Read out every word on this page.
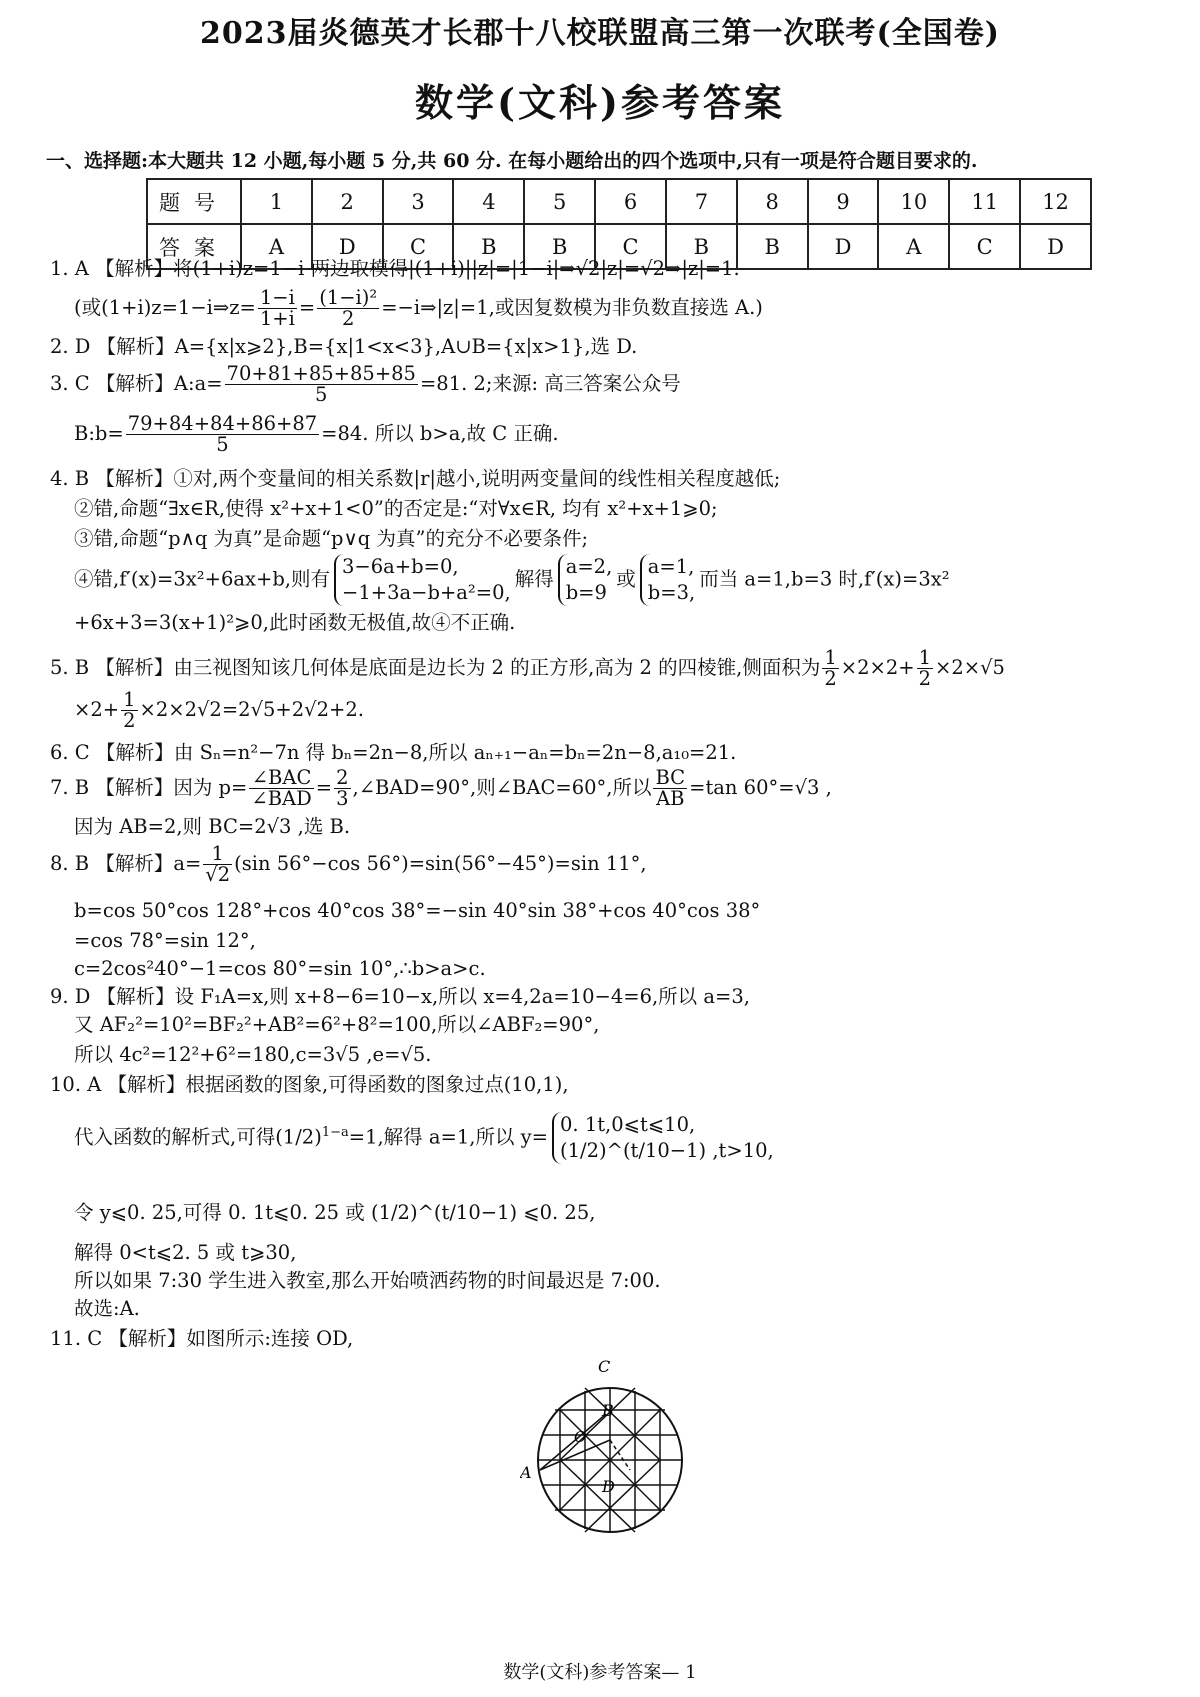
2023届炎德英才长郡十八校联盟高三第一次联考(全国卷)
数学(文科)参考答案
一、选择题:本大题共 12 小题,每小题 5 分,共 60 分. 在每小题给出的四个选项中,只有一项是符合题目要求的.
题号	1	2	3	4	5	6	7	8	9	10	11	12
答案	A	D	C	B	B	C	B	B	D	A	C	D
1. A 【解析】将(1+i)z=1−i 两边取模得|(1+i)||z|=|1−i|⇒√2|z|=√2⇒|z|=1.
(或(1+i)z=1−i⇒z= $\frac{1-i}{1+i} = \frac{\text{(1−i)²}}{2}$ =−i⇒|z|=1,或因复数模为非负数直接选 A.)
2. D 【解析】A={x|x⩾2},B={x|1<x<3},A∪B={x|x>1},选 D.
3. C 【解析】A:a= $\frac{70+81+85+85+85}{5} =81$. 2;来源: 高三答案公众号
B:b= $\frac{79+84+84+86+87}{5} =84$. 所以 b>a,故 C 正确.
4. B 【解析】①对,两个变量间的相关系数|r|越小,说明两变量间的线性相关程度越低;
②错,命题“∃x∈R,使得 x²+x+1<0”的否定是:“对∀x∈R, 均有 x²+x+1⩾0;
③错,命题“p∧q 为真”是命题“p∨q 为真”的充分不必要条件;
④错,f′(x)=3x²+6ax+b,则有
3−6a+b=0,
−1+3a−b+a²=0,
解得
a=2,
b=9
或
a=1,
b=3,
而当 a=1,b=3 时,f′(x)=3x²
+6x+3=3(x+1)²⩾0,此时函数无极值,故④不正确.
5. B 【解析】由三视图知该几何体是底面是边长为 2 的正方形,高为 2 的四棱锥,侧面积为 $\frac{1}{2} \times 2\times 2+ \frac{1}{2} \times 2\times√5$
$\times 2+ \frac{1}{2} \times 2\times 2√2=2√5+2√2+2$.
6. C 【解析】由 Sₙ=n²−7n 得 bₙ=2n−8,所以 aₙ₊₁−aₙ=bₙ=2n−8,a₁₀=21.
7. B 【解析】因为 $p= \frac{\text{∠BAC}}{\text{∠BAD}} = \frac{2}{3}$ ,∠BAD=90°,则∠BAC=60°,所以 $\frac{BC}{AB} =\tan$ 60°=√3 ,
因为 AB=2,则 BC=2√3 ,选 B.
8. B 【解析】$a= \frac{1}{√2} (\sin$ 56°−cos 56°)=sin(56°−45°)=sin 11°,
b=cos 50°cos 128°+cos 40°cos 38°=−sin 40°sin 38°+cos 40°cos 38°
=cos 78°=sin 12°,
c=2cos²40°−1=cos 80°=sin 10°,∴b>a>c.
9. D 【解析】设 F₁A=x,则 x+8−6=10−x,所以 x=4,2a=10−4=6,所以 a=3,
又 AF₂²=10²=BF₂²+AB²=6²+8²=100,所以∠ABF₂=90°,
所以 4c²=12²+6²=180,c=3√5 ,e=√5.
10. A 【解析】根据函数的图象,可得函数的图象过点(10,1),
代入函数的解析式,可得$(1/2)^{1-a}=1$,解得 a=1,所以 y=
0. 1t,0⩽t⩽10,
(1/2)^(t/10−1) ,t>10,
令 y⩽0. 25,可得 0. 1t⩽0. 25 或 (1/2)^(t/10−1) ⩽0. 25,
解得 0<t⩽2. 5 或 t⩾30,
所以如果 7:30 学生进入教室,那么开始喷洒药物的时间最迟是 7:00.
故选:A.
11. C 【解析】如图所示:连接 OD,
C
B
O
A
D
数学(文科)参考答案— 1
